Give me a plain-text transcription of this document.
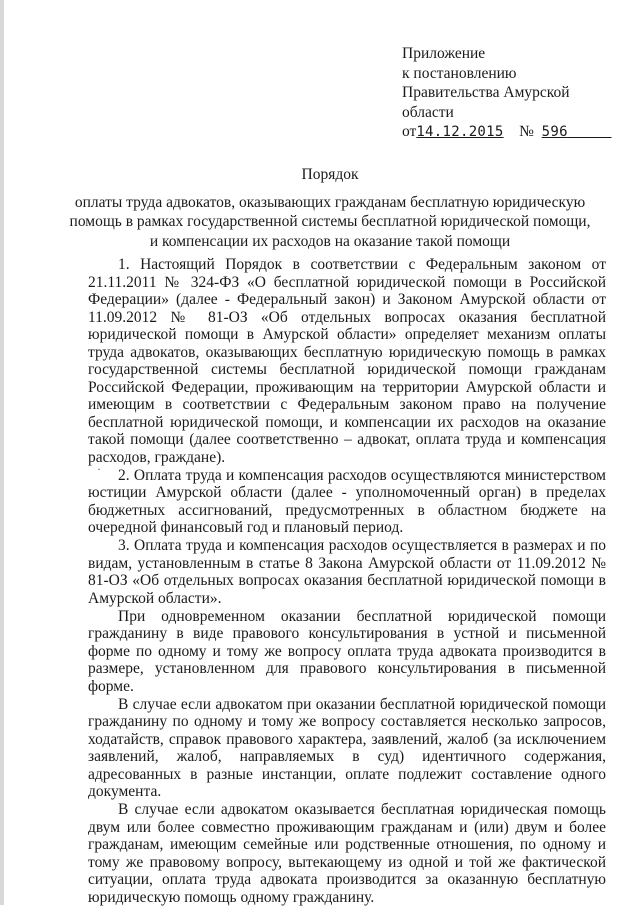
Приложение
к постановлению
Правительства Амурской
области
от14.12.2015 № 596
Порядок
оплаты труда адвокатов, оказывающих гражданам бесплатную юридическую
помощь в рамках государственной системы бесплатной юридической помощи,
и компенсации их расходов на оказание такой помощи
·

1. Настоящий Порядок в соответствии с Федеральным законом от 21.11.2011 № 324-ФЗ «О бесплатной юридической помощи в Российской Федерации» (далее - Федеральный закон) и Законом Амурской области от 11.09.2012 № 81-ОЗ «Об отдельных вопросах оказания бесплатной юридической помощи в Амурской области» определяет механизм оплаты труда адвокатов, оказывающих бесплатную юридическую помощь в рамках государственной системы бесплатной юридической помощи гражданам Российской Федерации, проживающим на территории Амурской области и имеющим в соответствии с Федеральным законом право на получение бесплатной юридической помощи, и компенсации их расходов на оказание такой помощи (далее соответственно – адвокат, оплата труда и компенсация расходов, граждане).

2. Оплата труда и компенсация расходов осуществляются министерством юстиции Амурской области (далее - уполномоченный орган) в пределах бюджетных ассигнований, предусмотренных в областном бюджете на очередной финансовый год и плановый период.

3. Оплата труда и компенсация расходов осуществляется в размерах и по видам, установленным в статье 8 Закона Амурской области от 11.09.2012 № 81-ОЗ «Об отдельных вопросах оказания бесплатной юридической помощи в Амурской области».

При одновременном оказании бесплатной юридической помощи гражданину в виде правового консультирования в устной и письменной форме по одному и тому же вопросу оплата труда адвоката производится в размере, установленном для правового консультирования в письменной форме.

В случае если адвокатом при оказании бесплатной юридической помощи гражданину по одному и тому же вопросу составляется несколько запросов, ходатайств, справок правового характера, заявлений, жалоб (за исключением заявлений, жалоб, направляемых в суд) идентичного содержания, адресованных в разные инстанции, оплате подлежит составление одного документа.

В случае если адвокатом оказывается бесплатная юридическая помощь двум или более совместно проживающим гражданам и (или) двум и более гражданам, имеющим семейные или родственные отношения, по одному и тому же правовому вопросу, вытекающему из одной и той же фактической ситуации, оплата труда адвоката производится за оказанную бесплатную юридическую помощь одному гражданину.
